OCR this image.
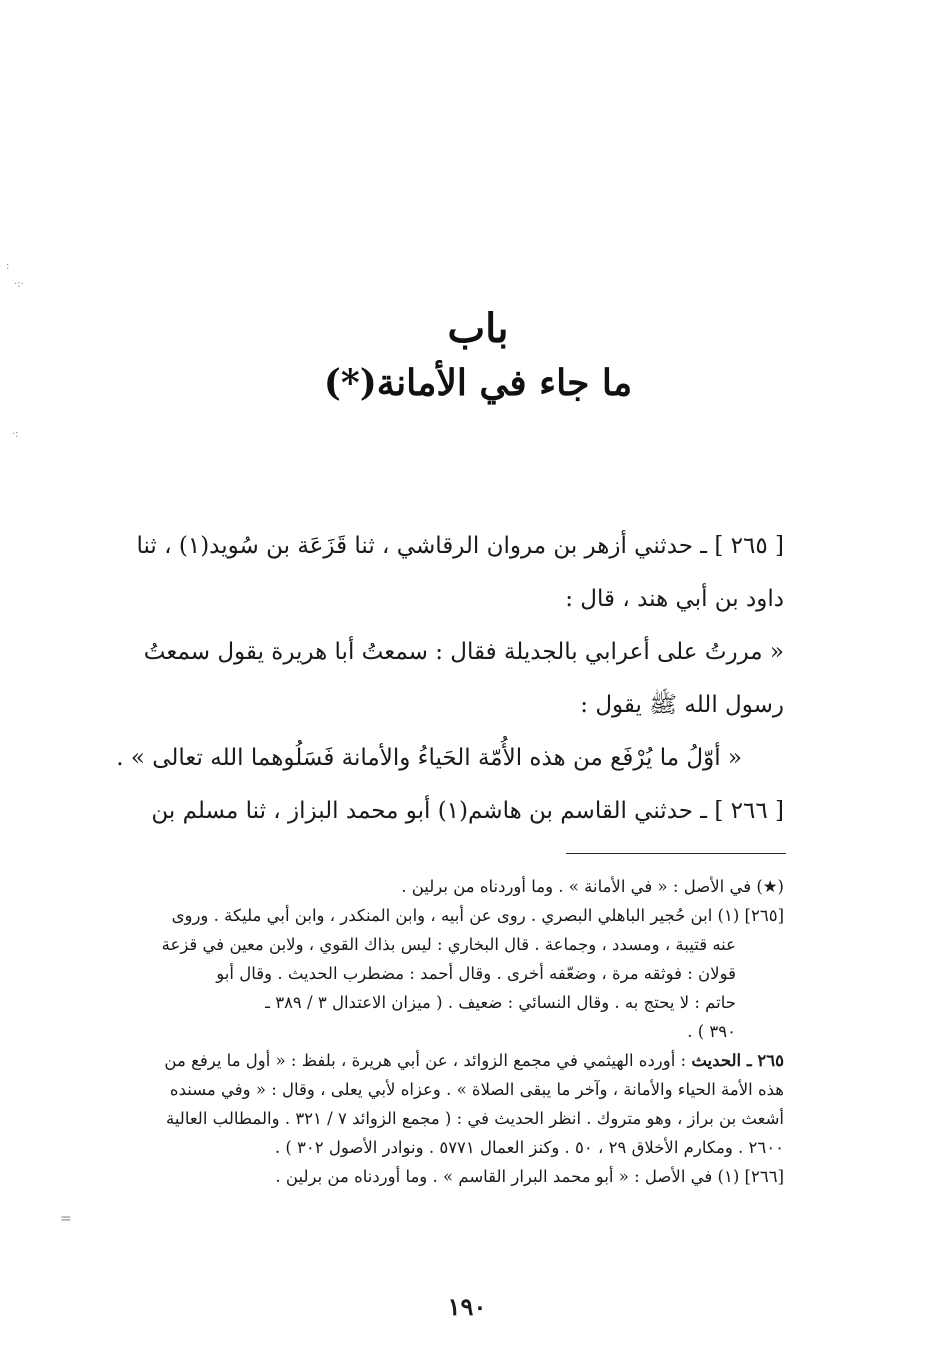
:
·:·
·:
=
باب
ما جاء في الأمانة(*)

[ ٢٦٥ ] ـ حدثني أزهر بن مروان الرقاشي ، ثنا قَزَعَة بن سُويد(١) ، ثنا

داود بن أبي هند ، قال :

« مررتُ على أعرابي بالجديلة فقال : سمعتُ أبا هريرة يقول سمعتُ

رسول الله ﷺ يقول :

« أوّلُ ما يُرْفَع من هذه الأُمّة الحَياءُ والأمانة فَسَلُوهما الله تعالى » .

[ ٢٦٦ ] ـ حدثني القاسم بن هاشم(١) أبو محمد البزاز ، ثنا مسلم بن

(★) في الأصل : « في الأمانة » . وما أوردناه من برلين .

[٢٦٥] (١) ابن حُجير الباهلي البصري . روى عن أبيه ، وابن المنكدر ، وابن أبي مليكة . وروى

عنه قتيبة ، ومسدد ، وجماعة . قال البخاري : ليس بذاك القوي ، ولابن معين في قزعة

قولان : فوثقه مرة ، وضعّفه أخرى . وقال أحمد : مضطرب الحديث . وقال أبو

حاتم : لا يحتج به . وقال النسائي : ضعيف . ( ميزان الاعتدال ٣ / ٣٨٩ ـ

٣٩٠ ) .

٢٦٥ ـ الحديث : أورده الهيثمي في مجمع الزوائد ، عن أبي هريرة ، بلفظ : « أول ما يرفع من

هذه الأمة الحياء والأمانة ، وآخر ما يبقى الصلاة » . وعزاه لأبي يعلى ، وقال : « وفي مسنده

أشعث بن براز ، وهو متروك . انظر الحديث في : ( مجمع الزوائد ٧ / ٣٢١ . والمطالب العالية

٢٦٠٠ . ومكارم الأخلاق ٢٩ ، ٥٠ . وكنز العمال ٥٧٧١ . ونوادر الأصول ٣٠٢ ) .

[٢٦٦] (١) في الأصل : « أبو محمد البرار القاسم » . وما أوردناه من برلين .

١٩٠
